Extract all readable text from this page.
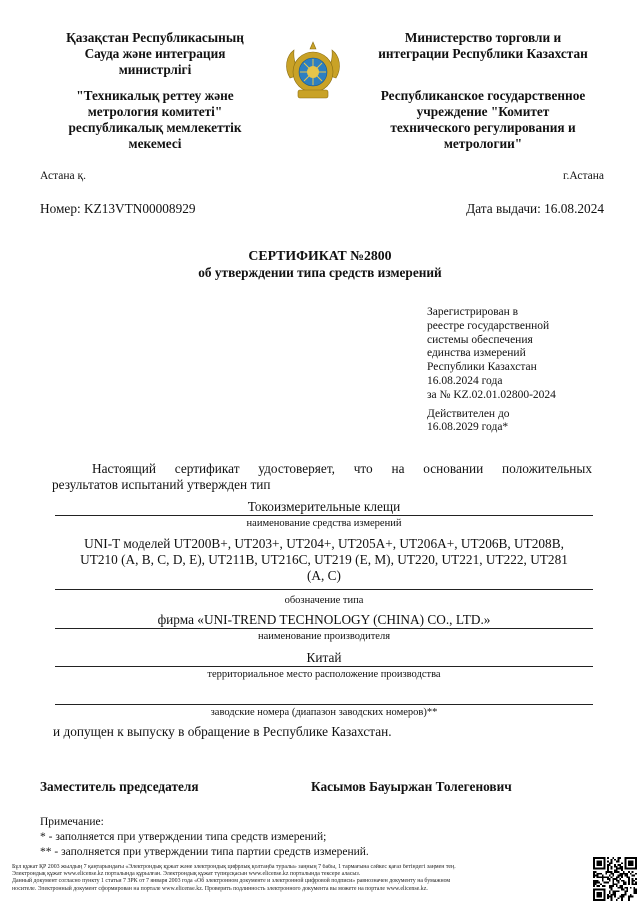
Қазақстан Республикасының

Сауда және интеграция

министрлігі

"Техникалық реттеу және

метрология комитеті"

республикалық мемлекеттік

мекемесі

Министерство торговли и

интеграции Республики Казахстан

Республиканское государственное

учреждение "Комитет

технического регулирования и

метрологии"

Астана қ.	г.Астана
Номер: KZ13VTN00008929	Дата выдачи: 16.08.2024
СЕРТИФИКАТ №2800
об утверждении типа средств измерений

Зарегистрирован в

реестре государственной

системы обеспечения

единства измерений

Республики Казахстан

16.08.2024 года

за № KZ.02.01.02800-2024

Действителен до

16.08.2029 года*

Настоящий сертификат удостоверяет, что на основании положительных
результатов испытаний утвержден тип
Токоизмерительные клещи
наименование средства измерений
UNI-T моделей UT200B+, UT203+, UT204+, UT205A+, UT206A+, UT206B, UT208B,
UT210 (A, B, C, D, E), UT211B, UT216C, UT219 (E, M), UT220, UT221, UT222, UT281
(A, C)
обозначение типа
фирма «UNI-TREND TECHNOLOGY (CHINA) CO., LTD.»
наименование производителя
Китай
территориальное место расположение производства
заводские номера (диапазон заводских номеров)**
и допущен к выпуску в обращение в Республике Казахстан.
Заместитель председателя	Касымов Бауыржан Толегенович

Примечание:

* - заполняется при утверждении типа средств измерений;

** - заполняется при утверждении типа партии средств измерений.

Бұл құжат ҚР 2003 жылдың 7 қаңтарындағы «Электрондық құжат және электрондық цифрлық қолтаңба туралы» заңның 7 бабы, 1 тармағына сәйкес қағаз бетіндегі заңмен тең.

Электрондық құжат www.elicense.kz порталында құрылған. Электрондық құжат түпнұсқасын www.elicense.kz порталында тексере аласыз.

Данный документ согласно пункту 1 статьи 7 ЗРК от 7 января 2003 года «Об электронном документе и электронной цифровой подписи» равнозначен документу на бумажном

носителе. Электронный документ сформирован на портале www.elicense.kz. Проверить подлинность электронного документа вы можете на портале www.elicense.kz.
